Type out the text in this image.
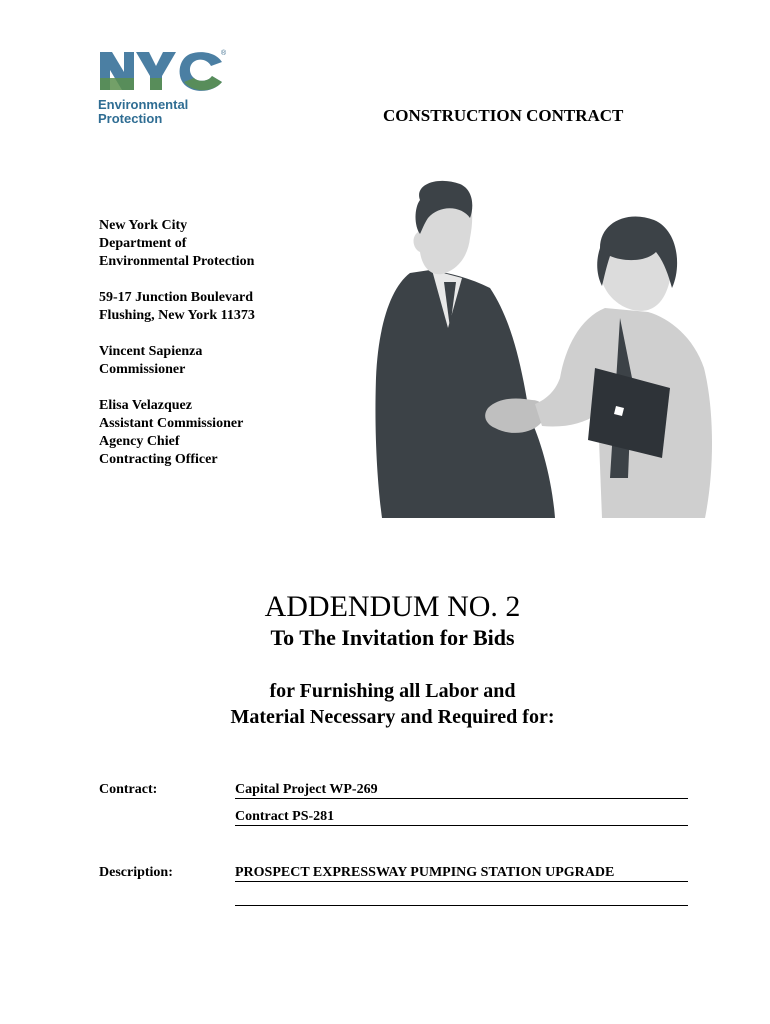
®
Environmental
Protection	CONSTRUCTION CONTRACT
New York City
Department of
Environmental Protection
59-17 Junction Boulevard
Flushing, New York 11373
Vincent Sapienza
Commissioner
Elisa Velazquez
Assistant Commissioner
Agency Chief
Contracting Officer
ADDENDUM NO. 2
To The Invitation for Bids
for Furnishing all Labor and
Material Necessary and Required for:
Contract:	Capital Project WP-269
Contract PS-281
Description:	PROSPECT EXPRESSWAY PUMPING STATION UPGRADE
